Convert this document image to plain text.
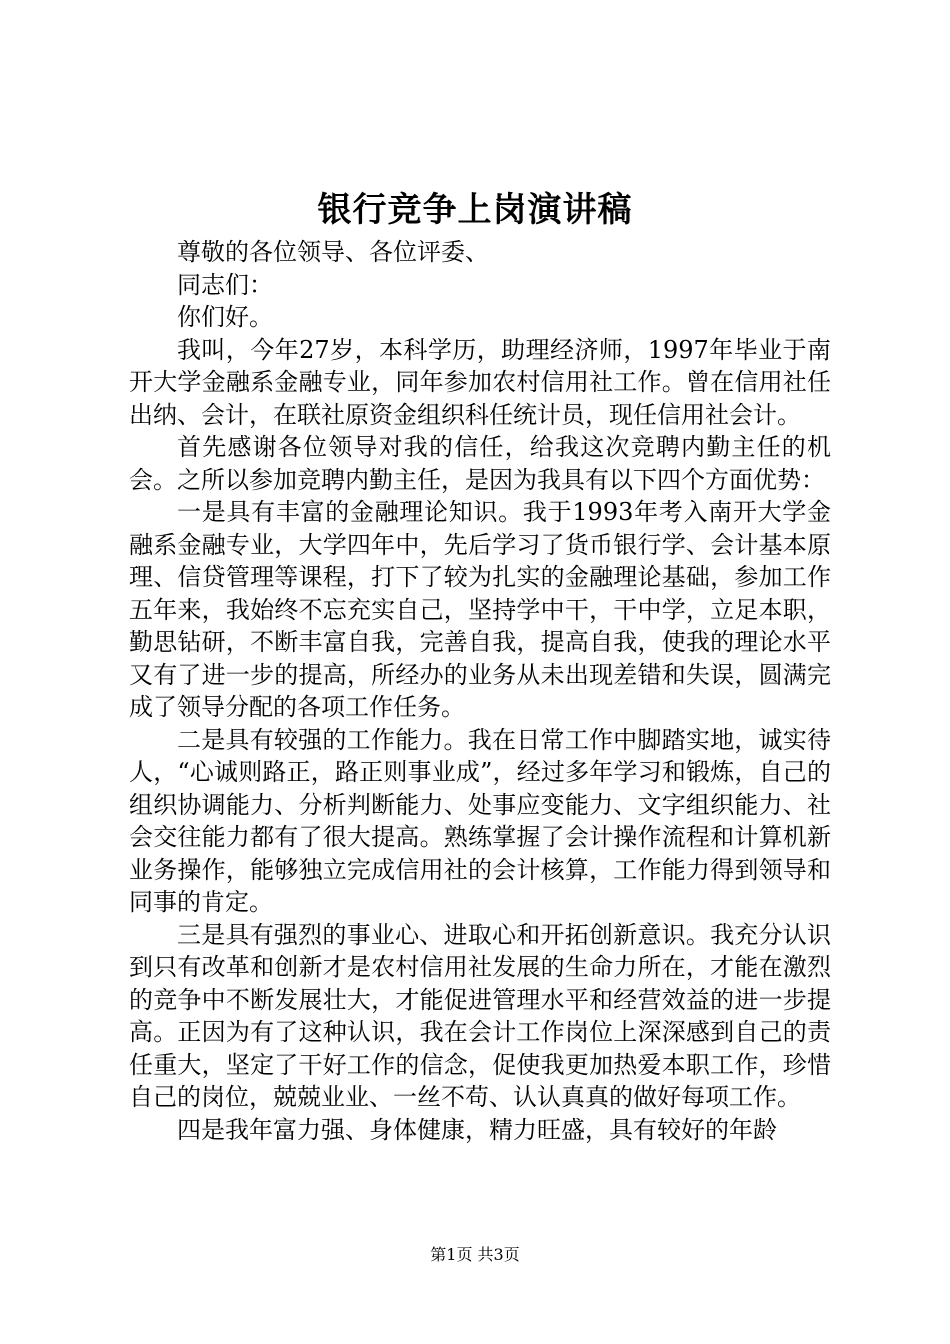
银行竞争上岗演讲稿

尊敬的各位领导、各位评委、

同志们：

你们好。

我叫，今年27岁，本科学历，助理经济师，1997年毕业于南开大学金融系金融专业，同年参加农村信用社工作。曾在信用社任出纳、会计，在联社原资金组织科任统计员，现任信用社会计。

首先感谢各位领导对我的信任，给我这次竞聘内勤主任的机会。之所以参加竞聘内勤主任，是因为我具有以下四个方面优势：

一是具有丰富的金融理论知识。我于1993年考入南开大学金融系金融专业，大学四年中，先后学习了货币银行学、会计基本原理、信贷管理等课程，打下了较为扎实的金融理论基础，参加工作五年来，我始终不忘充实自己，坚持学中干，干中学，立足本职，勤思钻研，不断丰富自我，完善自我，提高自我，使我的理论水平又有了进一步的提高，所经办的业务从未出现差错和失误，圆满完成了领导分配的各项工作任务。

二是具有较强的工作能力。我在日常工作中脚踏实地，诚实待人，“心诚则路正，路正则事业成”，经过多年学习和锻炼，自己的组织协调能力、分析判断能力、处事应变能力、文字组织能力、社会交往能力都有了很大提高。熟练掌握了会计操作流程和计算机新业务操作，能够独立完成信用社的会计核算，工作能力得到领导和同事的肯定。

三是具有强烈的事业心、进取心和开拓创新意识。我充分认识到只有改革和创新才是农村信用社发展的生命力所在，才能在激烈的竞争中不断发展壮大，才能促进管理水平和经营效益的进一步提高。正因为有了这种认识，我在会计工作岗位上深深感到自己的责任重大，坚定了干好工作的信念，促使我更加热爱本职工作，珍惜自己的岗位，兢兢业业、一丝不苟、认认真真的做好每项工作。

四是我年富力强、身体健康，精力旺盛，具有较好的年龄

第1页 共3页
